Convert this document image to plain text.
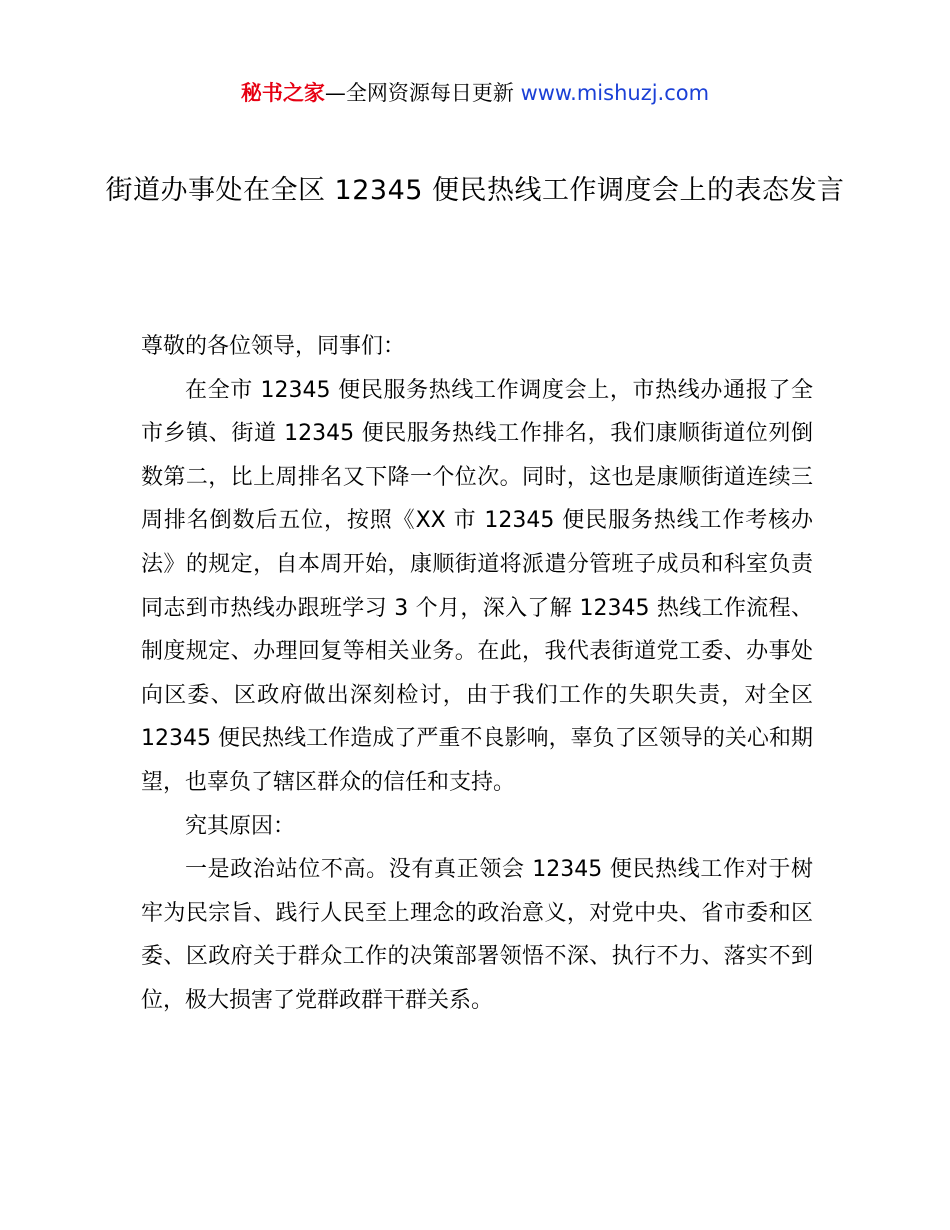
秘书之家—全网资源每日更新 www.mishuzj.com
街道办事处在全区 12345 便民热线工作调度会上的表态发言

尊敬的各位领导，同事们：

在全市 12345 便民服务热线工作调度会上，市热线办通报了全市乡镇、街道 12345 便民服务热线工作排名，我们康顺街道位列倒数第二，比上周排名又下降一个位次。同时，这也是康顺街道连续三周排名倒数后五位，按照《XX 市 12345 便民服务热线工作考核办法》的规定，自本周开始，康顺街道将派遣分管班子成员和科室负责同志到市热线办跟班学习 3 个月，深入了解 12345 热线工作流程、制度规定、办理回复等相关业务。在此，我代表街道党工委、办事处向区委、区政府做出深刻检讨，由于我们工作的失职失责，对全区 12345 便民热线工作造成了严重不良影响，辜负了区领导的关心和期望，也辜负了辖区群众的信任和支持。

究其原因：

一是政治站位不高。没有真正领会 12345 便民热线工作对于树牢为民宗旨、践行人民至上理念的政治意义，对党中央、省市委和区委、区政府关于群众工作的决策部署领悟不深、执行不力、落实不到位，极大损害了党群政群干群关系。
